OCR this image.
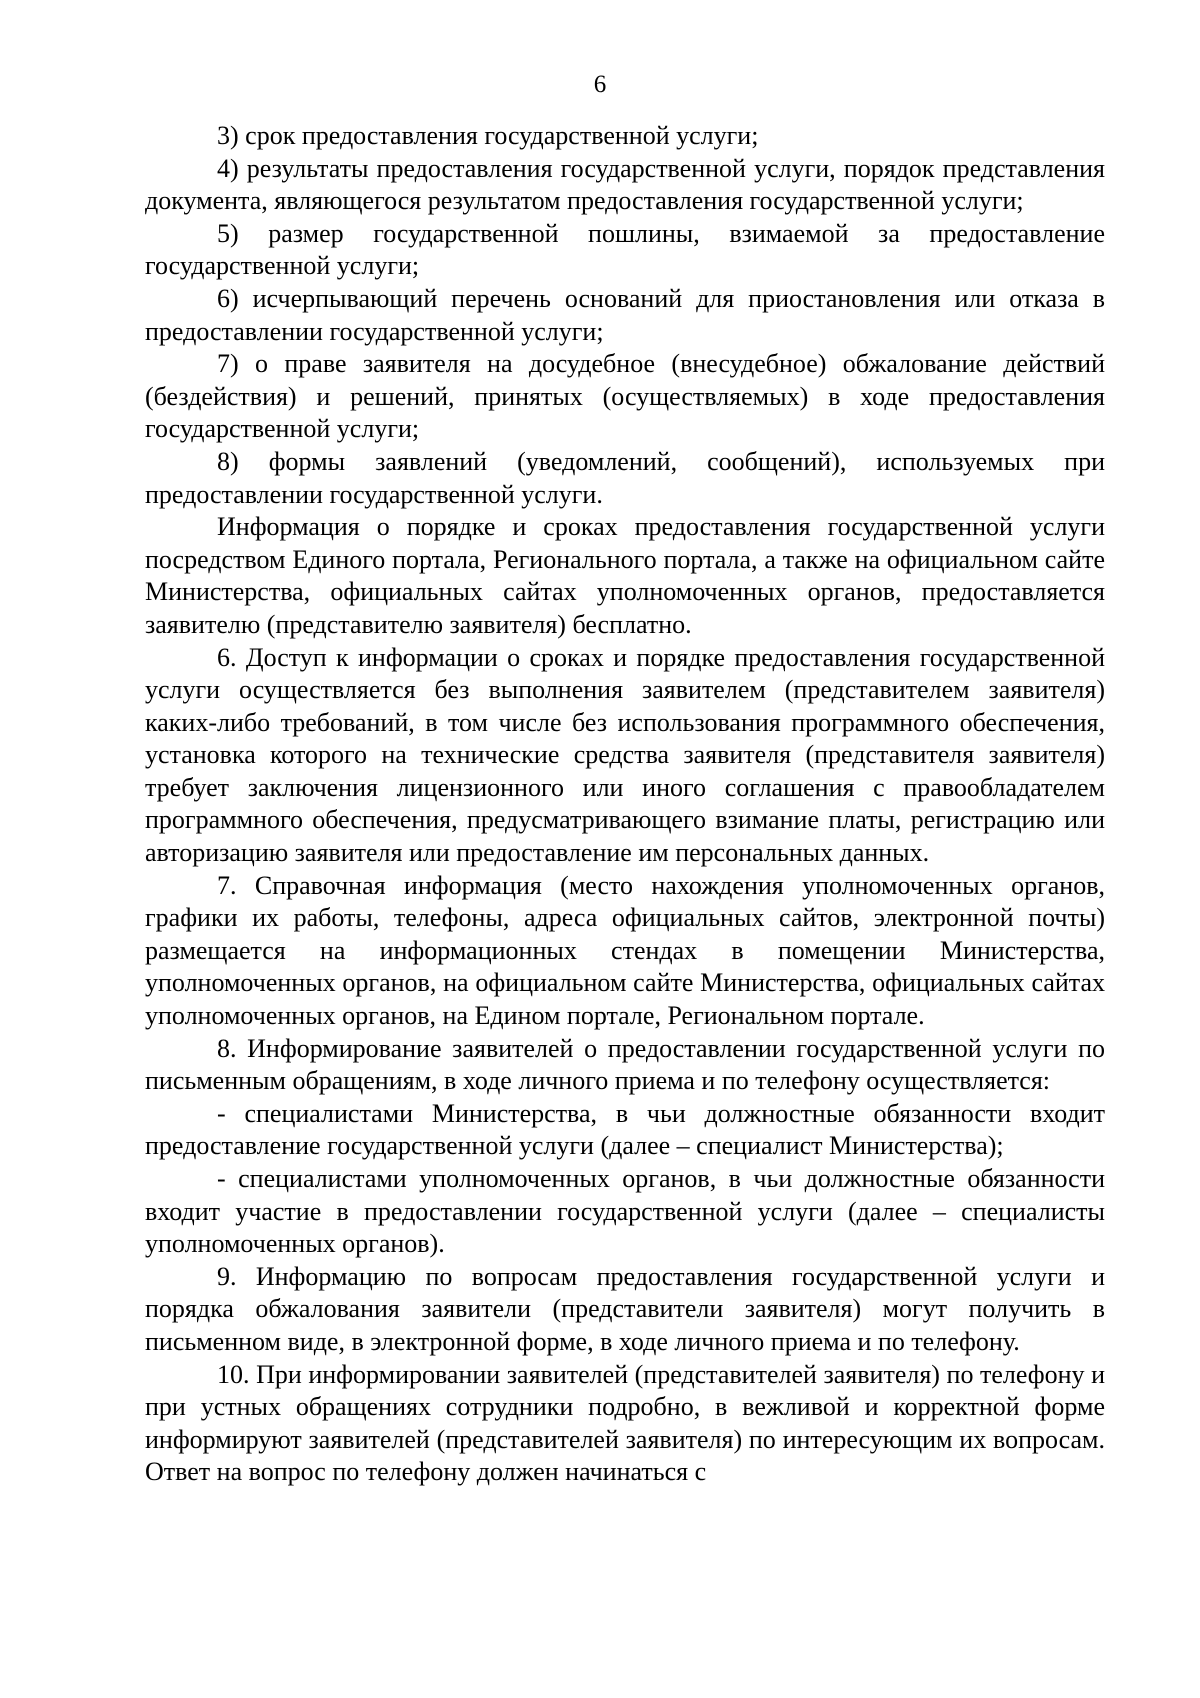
6

3) срок предоставления государственной услуги;

4) результаты предоставления государственной услуги, порядок представления документа, являющегося результатом предоставления государственной услуги;

5) размер государственной пошлины, взимаемой за предоставление государственной услуги;

6) исчерпывающий перечень оснований для приостановления или отказа в предоставлении государственной услуги;

7) о праве заявителя на досудебное (внесудебное) обжалование действий (бездействия) и решений, принятых (осуществляемых) в ходе предоставления государственной услуги;

8) формы заявлений (уведомлений, сообщений), используемых при предоставлении государственной услуги.

Информация о порядке и сроках предоставления государственной услуги посредством Единого портала, Регионального портала, а также на официальном сайте Министерства, официальных сайтах уполномоченных органов, предоставляется заявителю (представителю заявителя) бесплатно.

6. Доступ к информации о сроках и порядке предоставления государственной услуги осуществляется без выполнения заявителем (представителем заявителя) каких-либо требований, в том числе без использования программного обеспечения, установка которого на технические средства заявителя (представителя заявителя) требует заключения лицензионного или иного соглашения с правообладателем программного обеспечения, предусматривающего взимание платы, регистрацию или авторизацию заявителя или предоставление им персональных данных.

7. Справочная информация (место нахождения уполномоченных органов, графики их работы, телефоны, адреса официальных сайтов, электронной почты) размещается на информационных стендах в помещении Министерства, уполномоченных органов, на официальном сайте Министерства, официальных сайтах уполномоченных органов, на Едином портале, Региональном портале.

8. Информирование заявителей о предоставлении государственной услуги по письменным обращениям, в ходе личного приема и по телефону осуществляется:

- специалистами Министерства, в чьи должностные обязанности входит предоставление государственной услуги (далее – специалист Министерства);

- специалистами уполномоченных органов, в чьи должностные обязанности входит участие в предоставлении государственной услуги (далее – специалисты уполномоченных органов).

9. Информацию по вопросам предоставления государственной услуги и порядка обжалования заявители (представители заявителя) могут получить в письменном виде, в электронной форме, в ходе личного приема и по телефону.

10. При информировании заявителей (представителей заявителя) по телефону и при устных обращениях сотрудники подробно, в вежливой и корректной форме информируют заявителей (представителей заявителя) по интересующим их вопросам. Ответ на вопрос по телефону должен начинаться с
